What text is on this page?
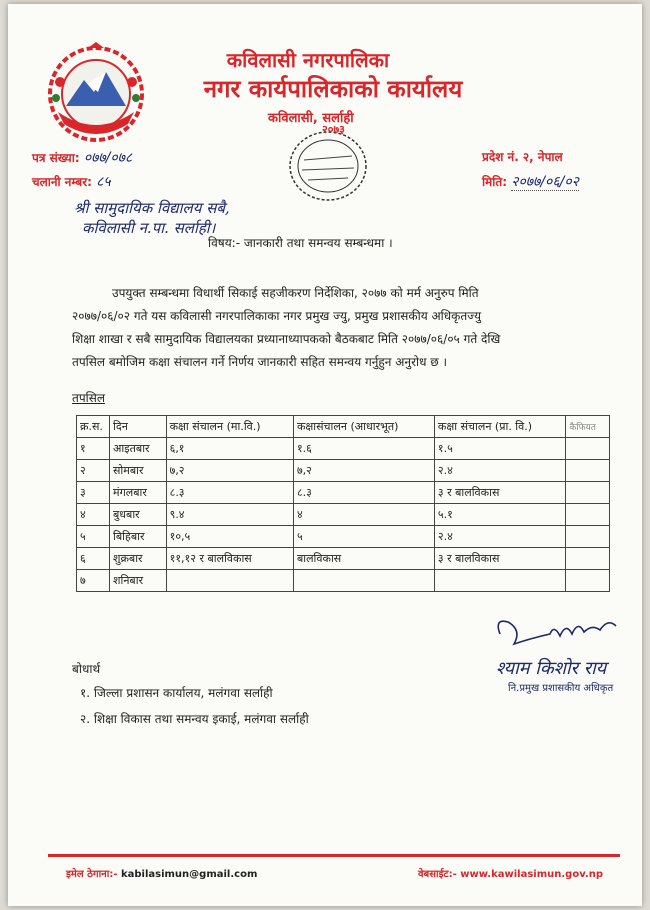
कविलासी नगरपालिका
नगर कार्यपालिकाको कार्यालय
कविलासी, सर्लाही
२०७३
पत्र संख्या: ०७७/०७८
चलानी नम्बर: ८५
प्रदेश नं. २, नेपाल
मिति: २०७७/०६/०२
श्री सामुदायिक विद्यालय सबै,
कविलासी न.पा. सर्लाही।
विषय:- जानकारी तथा समन्वय सम्बन्धमा ।
उपयुक्त सम्बन्धमा विधार्थी सिकाई सहजीकरण निर्देशिका, २०७७ को मर्म अनुरुप मिति
२०७७/०६/०२ गते यस कविलासी नगरपालिकाका नगर प्रमुख ज्यु, प्रमुख प्रशासकीय अधिकृतज्यु
शिक्षा शाखा र सबै सामुदायिक विद्यालयका प्रध्यानाध्यापकको बैठकबाट मिति २०७७/०६/०५ गते देखि
तपसिल बमोजिम कक्षा संचालन गर्ने निर्णय जानकारी सहित समन्वय गर्नुहुन अनुरोध छ ।
तपसिल
क्र.स.	दिन	कक्षा संचालन (मा.वि.)	कक्षासंचालन (आधारभूत)	कक्षा संचालन (प्रा. वि.)	कैफियत
१	आइतबार	६,१	१.६	१.५	
२	सोमबार	७,२	७,२	२.४	
३	मंगलबार	८.३	८.३	३ र बालविकास	
४	बुधबार	९.४	४	५.१	
५	बिहिबार	१०,५	५	२.४	
६	शुक्रबार	११,१२ र बालविकास	बालविकास	३ र बालविकास	
७	शनिबार				
श्याम किशोर राय
नि.प्रमुख प्रशासकीय अधिकृत
बोधार्थ
१. जिल्ला प्रशासन कार्यालय, मलंगवा सर्लाही
२. शिक्षा विकास तथा समन्वय इकाई, मलंगवा सर्लाही
इमेल ठेगाना:- kabilasimun@gmail.com	वेबसाईट:- www.kawilasimun.gov.np
